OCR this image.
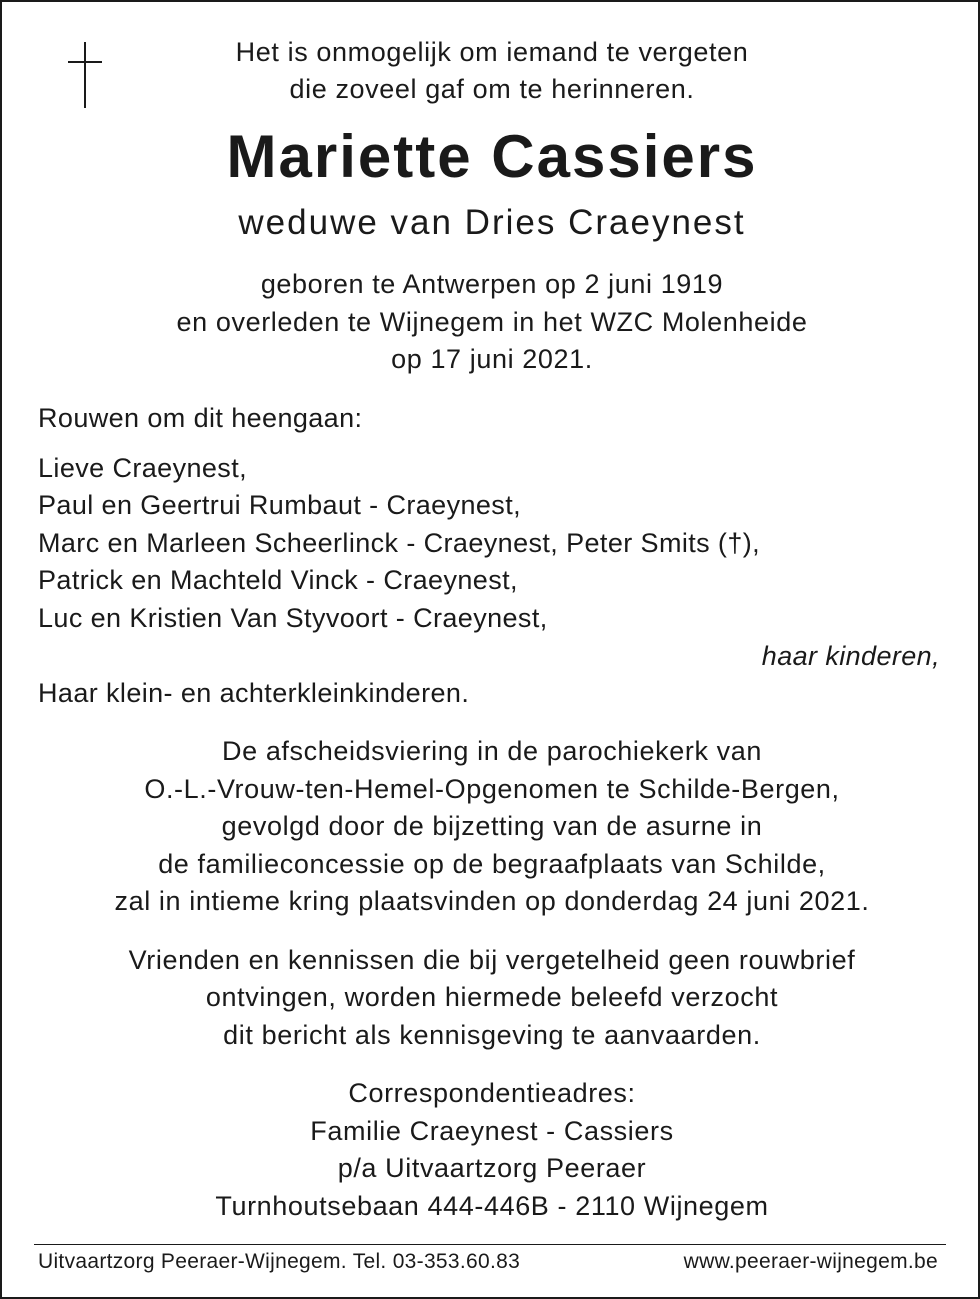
Het is onmogelijk om iemand te vergeten
die zoveel gaf om te herinneren.
Mariette Cassiers
weduwe van Dries Craeynest
geboren te Antwerpen op 2 juni 1919
en overleden te Wijnegem in het WZC Molenheide
op 17 juni 2021.
Rouwen om dit heengaan:
Lieve Craeynest,
Paul en Geertrui Rumbaut - Craeynest,
Marc en Marleen Scheerlinck - Craeynest, Peter Smits (†),
Patrick en Machteld Vinck - Craeynest,
Luc en Kristien Van Styvoort - Craeynest,
haar kinderen,
Haar klein- en achterkleinkinderen.
De afscheidsviering in de parochiekerk van
O.-L.-Vrouw-ten-Hemel-Opgenomen te Schilde-Bergen,
gevolgd door de bijzetting van de asurne in
de familieconcessie op de begraafplaats van Schilde,
zal in intieme kring plaatsvinden op donderdag 24 juni 2021.
Vrienden en kennissen die bij vergetelheid geen rouwbrief
ontvingen, worden hiermede beleefd verzocht
dit bericht als kennisgeving te aanvaarden.
Correspondentieadres:
Familie Craeynest - Cassiers
p/a Uitvaartzorg Peeraer
Turnhoutsebaan 444-446B - 2110 Wijnegem
Uitvaartzorg Peeraer-Wijnegem. Tel. 03-353.60.83	www.peeraer-wijnegem.be
